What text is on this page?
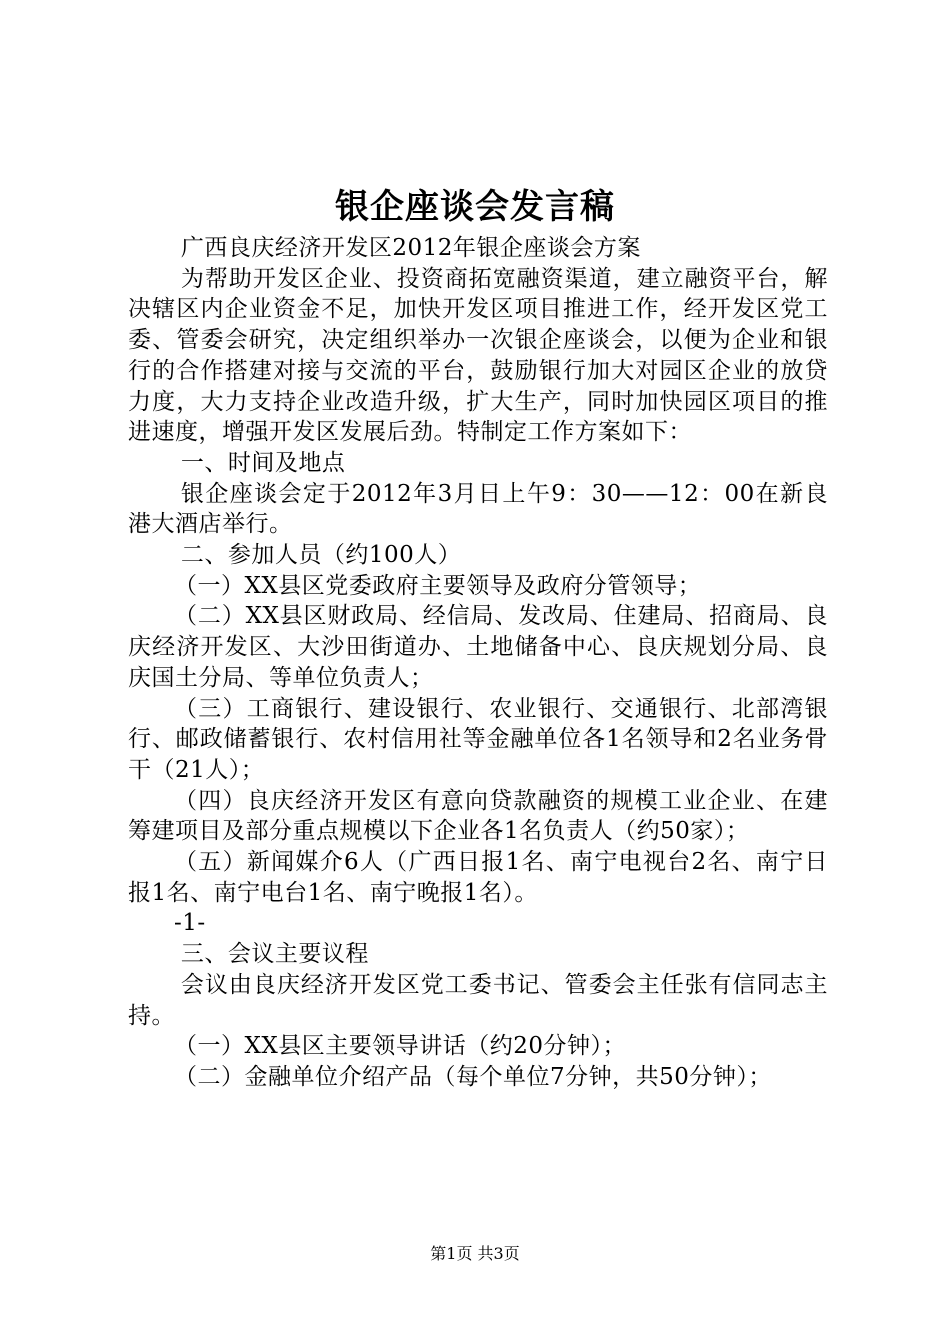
银企座谈会发言稿

广西良庆经济开发区2012年银企座谈会方案

为帮助开发区企业、投资商拓宽融资渠道，建立融资平台，解决辖区内企业资金不足，加快开发区项目推进工作，经开发区党工委、管委会研究，决定组织举办一次银企座谈会，以便为企业和银行的合作搭建对接与交流的平台，鼓励银行加大对园区企业的放贷力度，大力支持企业改造升级，扩大生产，同时加快园区项目的推进速度，增强开发区发展后劲。特制定工作方案如下：

一、时间及地点

银企座谈会定于2012年3月日上午9：30——12：00在新良港大酒店举行。

二、参加人员（约100人）

（一）XX县区党委政府主要领导及政府分管领导；

（二）XX县区财政局、经信局、发改局、住建局、招商局、良庆经济开发区、大沙田街道办、土地储备中心、良庆规划分局、良庆国土分局、等单位负责人；

（三）工商银行、建设银行、农业银行、交通银行、北部湾银行、邮政储蓄银行、农村信用社等金融单位各1名领导和2名业务骨干（21人）；

（四）良庆经济开发区有意向贷款融资的规模工业企业、在建筹建项目及部分重点规模以下企业各1名负责人（约50家）；

（五）新闻媒介6人（广西日报1名、南宁电视台2名、南宁日报1名、南宁电台1名、南宁晚报1名）。

-1-

三、会议主要议程

会议由良庆经济开发区党工委书记、管委会主任张有信同志主持。

（一）XX县区主要领导讲话（约20分钟）；

（二）金融单位介绍产品（每个单位7分钟，共50分钟）；

第1页 共3页
